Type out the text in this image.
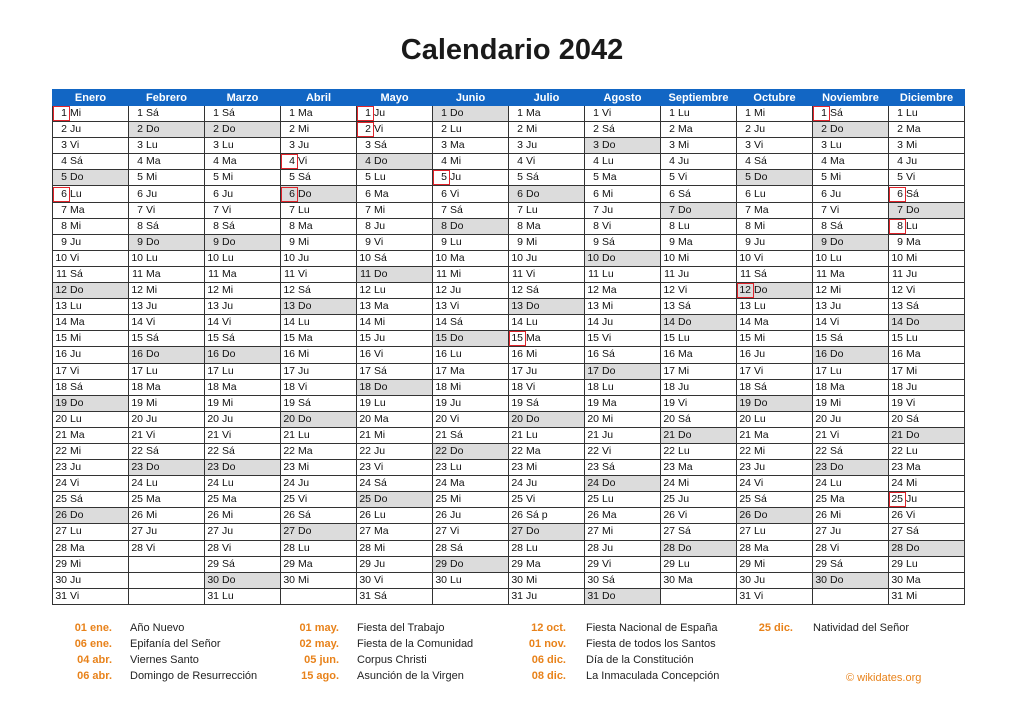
Calendario 2042
Enero	Febrero	Marzo	Abril	Mayo	Junio	Julio	Agosto	Septiembre	Octubre	Noviembre	Diciembre
1 Mi	1 Sá	1 Sá	1 Ma	1 Ju	1 Do	1 Ma	1 Vi	1 Lu	1 Mi	1 Sá	1 Lu
2 Ju	2 Do	2 Do	2 Mi	2 Vi	2 Lu	2 Mi	2 Sá	2 Ma	2 Ju	2 Do	2 Ma
3 Vi	3 Lu	3 Lu	3 Ju	3 Sá	3 Ma	3 Ju	3 Do	3 Mi	3 Vi	3 Lu	3 Mi
4 Sá	4 Ma	4 Ma	4 Vi	4 Do	4 Mi	4 Vi	4 Lu	4 Ju	4 Sá	4 Ma	4 Ju
5 Do	5 Mi	5 Mi	5 Sá	5 Lu	5 Ju	5 Sá	5 Ma	5 Vi	5 Do	5 Mi	5 Vi
6 Lu	6 Ju	6 Ju	6 Do	6 Ma	6 Vi	6 Do	6 Mi	6 Sá	6 Lu	6 Ju	6 Sá
7 Ma	7 Vi	7 Vi	7 Lu	7 Mi	7 Sá	7 Lu	7 Ju	7 Do	7 Ma	7 Vi	7 Do
8 Mi	8 Sá	8 Sá	8 Ma	8 Ju	8 Do	8 Ma	8 Vi	8 Lu	8 Mi	8 Sá	8 Lu
9 Ju	9 Do	9 Do	9 Mi	9 Vi	9 Lu	9 Mi	9 Sá	9 Ma	9 Ju	9 Do	9 Ma
10 Vi	10 Lu	10 Lu	10 Ju	10 Sá	10 Ma	10 Ju	10 Do	10 Mi	10 Vi	10 Lu	10 Mi
11 Sá	11 Ma	11 Ma	11 Vi	11 Do	11 Mi	11 Vi	11 Lu	11 Ju	11 Sá	11 Ma	11 Ju
12 Do	12 Mi	12 Mi	12 Sá	12 Lu	12 Ju	12 Sá	12 Ma	12 Vi	12 Do	12 Mi	12 Vi
13 Lu	13 Ju	13 Ju	13 Do	13 Ma	13 Vi	13 Do	13 Mi	13 Sá	13 Lu	13 Ju	13 Sá
14 Ma	14 Vi	14 Vi	14 Lu	14 Mi	14 Sá	14 Lu	14 Ju	14 Do	14 Ma	14 Vi	14 Do
15 Mi	15 Sá	15 Sá	15 Ma	15 Ju	15 Do	15 Ma	15 Vi	15 Lu	15 Mi	15 Sá	15 Lu
16 Ju	16 Do	16 Do	16 Mi	16 Vi	16 Lu	16 Mi	16 Sá	16 Ma	16 Ju	16 Do	16 Ma
17 Vi	17 Lu	17 Lu	17 Ju	17 Sá	17 Ma	17 Ju	17 Do	17 Mi	17 Vi	17 Lu	17 Mi
18 Sá	18 Ma	18 Ma	18 Vi	18 Do	18 Mi	18 Vi	18 Lu	18 Ju	18 Sá	18 Ma	18 Ju
19 Do	19 Mi	19 Mi	19 Sá	19 Lu	19 Ju	19 Sá	19 Ma	19 Vi	19 Do	19 Mi	19 Vi
20 Lu	20 Ju	20 Ju	20 Do	20 Ma	20 Vi	20 Do	20 Mi	20 Sá	20 Lu	20 Ju	20 Sá
21 Ma	21 Vi	21 Vi	21 Lu	21 Mi	21 Sá	21 Lu	21 Ju	21 Do	21 Ma	21 Vi	21 Do
22 Mi	22 Sá	22 Sá	22 Ma	22 Ju	22 Do	22 Ma	22 Vi	22 Lu	22 Mi	22 Sá	22 Lu
23 Ju	23 Do	23 Do	23 Mi	23 Vi	23 Lu	23 Mi	23 Sá	23 Ma	23 Ju	23 Do	23 Ma
24 Vi	24 Lu	24 Lu	24 Ju	24 Sá	24 Ma	24 Ju	24 Do	24 Mi	24 Vi	24 Lu	24 Mi
25 Sá	25 Ma	25 Ma	25 Vi	25 Do	25 Mi	25 Vi	25 Lu	25 Ju	25 Sá	25 Ma	25 Ju
26 Do	26 Mi	26 Mi	26 Sá	26 Lu	26 Ju	26 Sá p	26 Ma	26 Vi	26 Do	26 Mi	26 Vi
27 Lu	27 Ju	27 Ju	27 Do	27 Ma	27 Vi	27 Do	27 Mi	27 Sá	27 Lu	27 Ju	27 Sá
28 Ma	28 Vi	28 Vi	28 Lu	28 Mi	28 Sá	28 Lu	28 Ju	28 Do	28 Ma	28 Vi	28 Do
29 Mi		29 Sá	29 Ma	29 Ju	29 Do	29 Ma	29 Vi	29 Lu	29 Mi	29 Sá	29 Lu
30 Ju		30 Do	30 Mi	30 Vi	30 Lu	30 Mi	30 Sá	30 Ma	30 Ju	30 Do	30 Ma
31 Vi		31 Lu		31 Sá		31 Ju	31 Do		31 Vi		31 Mi
01 ene. Año Nuevo	01 may. Fiesta del Trabajo	12 oct. Fiesta Nacional de España	25 dic. Natividad del Señor
06 ene. Epifanía del Señor	02 may. Fiesta de la Comunidad	01 nov. Fiesta de todos los Santos
04 abr. Viernes Santo	05 jun. Corpus Christi	06 dic. Día de la Constitución
06 abr. Domingo de Resurrección	15 ago. Asunción de la Virgen	08 dic. La Inmaculada Concepción	© wikidates.org
